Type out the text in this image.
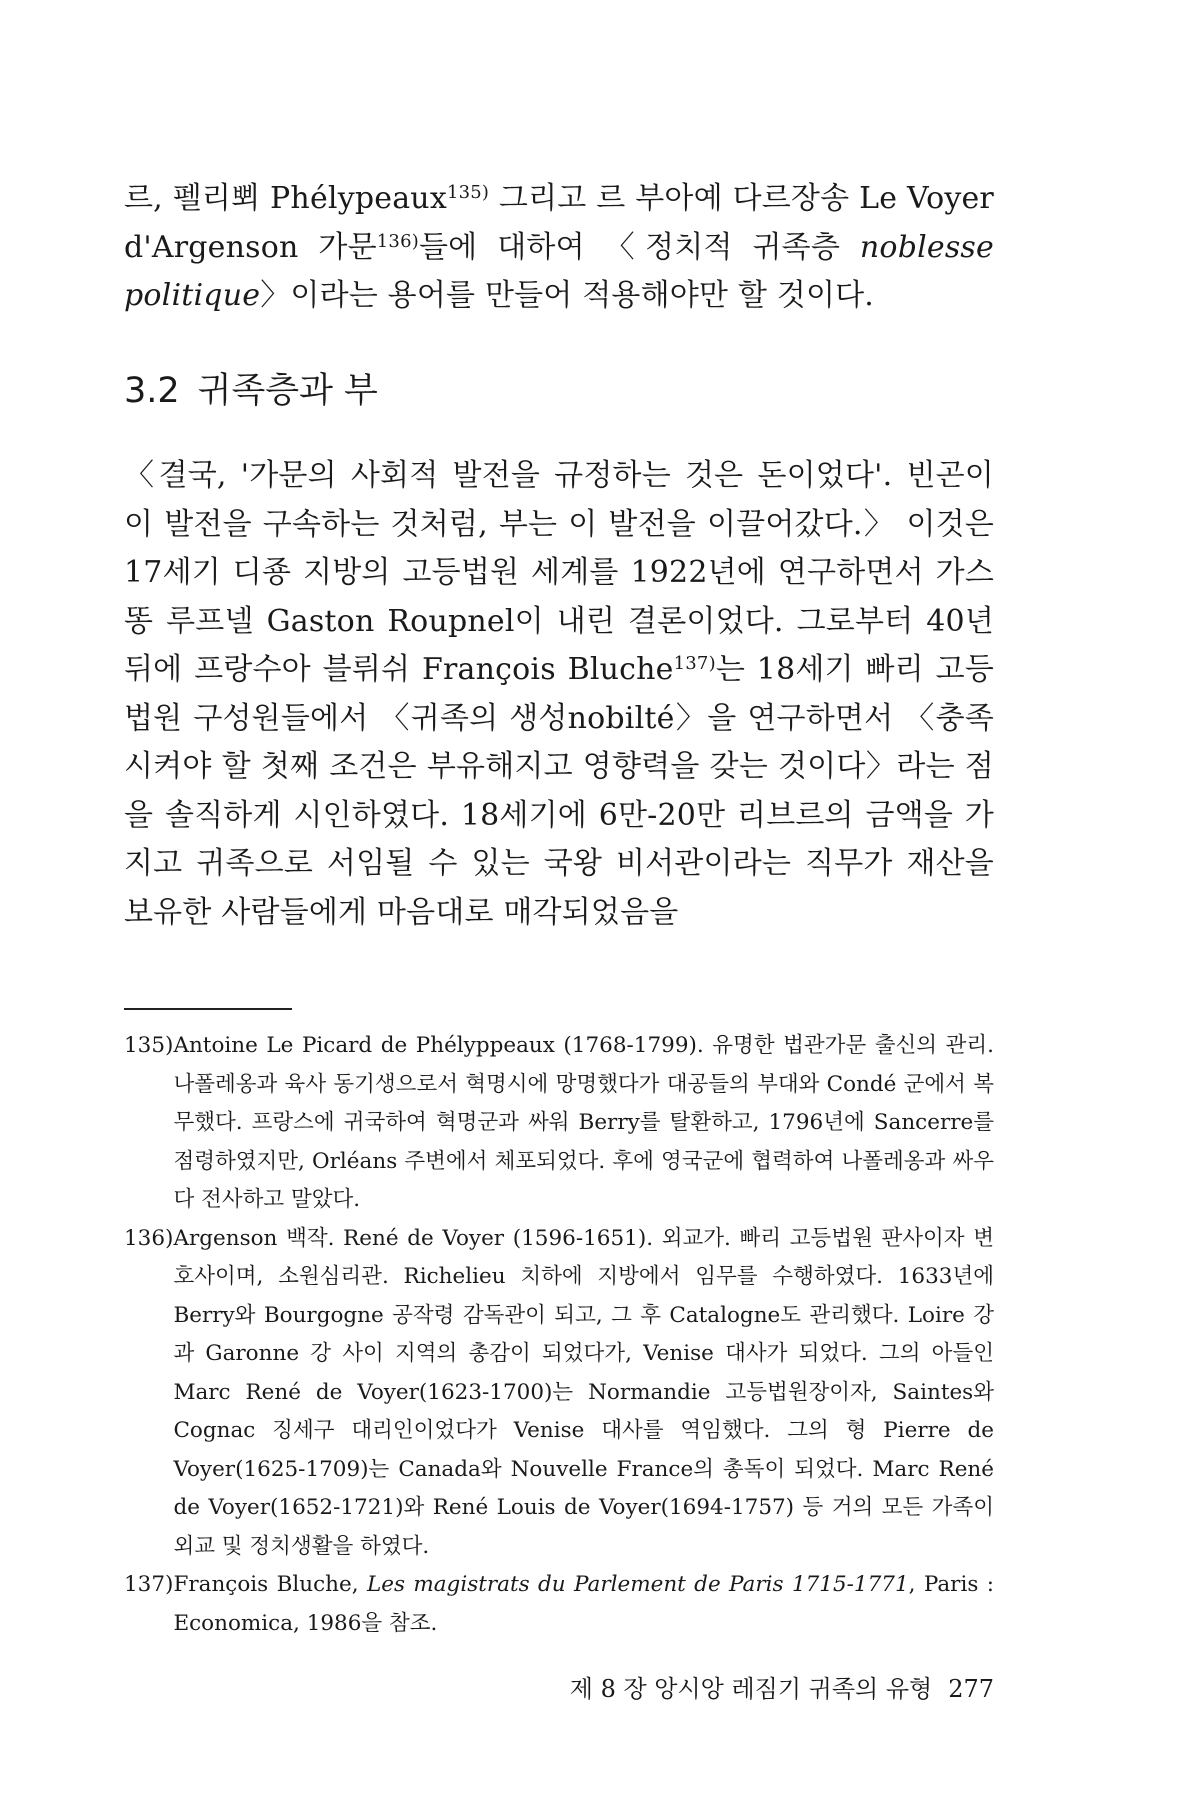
르, 펠리뾔 Phélypeaux$^{135)}$ 그리고 르 부아예 다르장송 Le Voyer d'Argenson 가문$^{136)}$들에 대하여 〈정치적 귀족층 noblesse politique〉이라는 용어를 만들어 적용해야만 할 것이다.

3.2 귀족층과 부

〈결국, '가문의 사회적 발전을 규정하는 것은 돈이었다'. 빈곤이 이 발전을 구속하는 것처럼, 부는 이 발전을 이끌어갔다.〉 이것은 17세기 디죵 지방의 고등법원 세계를 1922년에 연구하면서 가스똥 루프넬 Gaston Roupnel이 내린 결론이었다. 그로부터 40년 뒤에 프랑수아 블뤼쉬 François Bluche$^{137)}$는 18세기 빠리 고등법원 구성원들에서 〈귀족의 생성nobilté〉을 연구하면서 〈충족시켜야 할 첫째 조건은 부유해지고 영향력을 갖는 것이다〉라는 점을 솔직하게 시인하였다. 18세기에 6만-20만 리브르의 금액을 가지고 귀족으로 서임될 수 있는 국왕 비서관이라는 직무가 재산을 보유한 사람들에게 마음대로 매각되었음을

135) Antoine Le Picard de Phélyppeaux (1768-1799). 유명한 법관가문 출신의 관리. 나폴레옹과 육사 동기생으로서 혁명시에 망명했다가 대공들의 부대와 Condé 군에서 복무했다. 프랑스에 귀국하여 혁명군과 싸워 Berry를 탈환하고, 1796년에 Sancerre를 점령하였지만, Orléans 주변에서 체포되었다. 후에 영국군에 협력하여 나폴레옹과 싸우다 전사하고 말았다.
136) Argenson 백작. René de Voyer (1596-1651). 외교가. 빠리 고등법원 판사이자 변호사이며, 소원심리관. Richelieu 치하에 지방에서 임무를 수행하였다. 1633년에 Berry와 Bourgogne 공작령 감독관이 되고, 그 후 Catalogne도 관리했다. Loire 강과 Garonne 강 사이 지역의 총감이 되었다가, Venise 대사가 되었다. 그의 아들인 Marc René de Voyer(1623-1700)는 Normandie 고등법원장이자, Saintes와 Cognac 징세구 대리인이었다가 Venise 대사를 역임했다. 그의 형 Pierre de Voyer(1625-1709)는 Canada와 Nouvelle France의 총독이 되었다. Marc René de Voyer(1652-1721)와 René Louis de Voyer(1694-1757) 등 거의 모든 가족이 외교 및 정치생활을 하였다.
137) François Bluche, Les magistrats du Parlement de Paris 1715-1771, Paris : Economica, 1986을 참조.
제 8 장 앙시앙 레짐기 귀족의 유형 277
